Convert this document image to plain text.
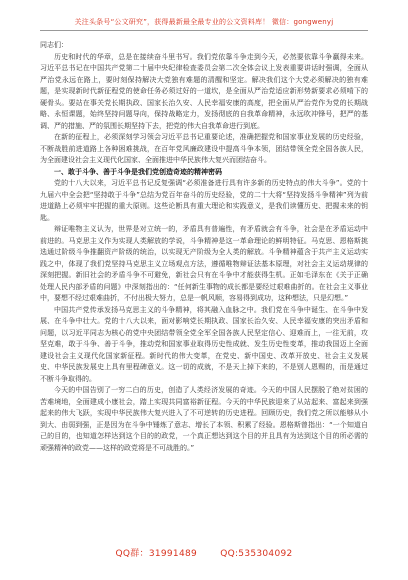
关注头条号“公文研究”，获得最新最全最专业的公文资料库！ 微信：gongwenyj

同志们：

历史和时代的华章，总是在接续奋斗里书写。我们党依靠斗争走到今天，必然要依靠斗争赢得未来。习近平总书记在中国共产党第二十届中央纪律检查委员会第二次全体会议上发表重要讲话时强调，全面从严治党永远在路上，要时刻保持解决大党独有难题的清醒和坚定。解决我们这个大党必须解决的独有难题，是实现新时代新征程党的使命任务必须过好的一道坎，是全面从严治党适应新形势新要求必须啃下的硬骨头。要站在事关党长期执政、国家长治久安、人民幸福安康的高度，把全面从严治党作为党的长期战略、永恒课题，始终坚持问题导向，保持战略定力，发扬彻底的自我革命精神，永远吹冲锋号，把严的基调、严的措施、严的氛围长期坚持下去，把党的伟大自我革命进行到底。

在新的征程上，必须深刻学习领会习近平总书记重要论述，准确把握党和国家事业发展的历史经验，不断战胜前进道路上各种困难挑战，在百年党风廉政建设中提高斗争本领，团结带领全党全国各族人民，为全面建设社会主义现代化国家、全面推进中华民族伟大复兴而团结奋斗。

一、敢于斗争、善于斗争是我们党创造奇迹的精神密码

党的十八大以来，习近平总书记反复强调“必须准备进行具有许多新的历史特点的伟大斗争”。党的十九届六中全会把“坚持敢于斗争”总结为党百年奋斗的历史经验，党的二十大将“坚持发扬斗争精神”列为前进道路上必须牢牢把握的重大原则。这些论断具有重大理论和实践意义，是我们读懂历史、把握未来的钥匙。

辩证唯物主义认为，世界是对立统一的，矛盾具有普遍性，有矛盾就会有斗争，社会是在矛盾运动中前进的。马克思主义作为实现人类解放的学说，斗争精神是这一革命理论的鲜明特征。马克思、恩格斯挑选通过阶级斗争推翻资产阶级的统治，以实现无产阶级为全人类的解放。斗争精神蕴含于共产主义运动实践之中，体现了我们党坚持马克思主义立场观点方法，遵循唯物辩证法基本原理，对社会主义运动规律的深刻把握。新旧社会的矛盾斗争不可避免，新社会只有在斗争中才能获得生机。正如毛泽东在《关于正确处理人民内部矛盾的问题》中深刻指出的：“任何新生事物的成长都是要经过艰难曲折的。在社会主义事业中，要想不经过艰难曲折，不付出极大努力，总是一帆风顺，容易得到成功，这种想法，只是幻想。”

中国共产党传承发扬马克思主义的斗争精神，将其融入血脉之中。我们党在斗争中诞生、在斗争中发展、在斗争中壮大。党的十八大以来，面对影响党长期执政、国家长治久安、人民幸福安康的突出矛盾和问题，以习近平同志为核心的党中央团结带领全党全军全国各族人民坚定信心、迎难而上，一往无前，攻坚克难，敢于斗争、善于斗争，推动党和国家事业取得历史性成就、发生历史性变革，推动我国迈上全面建设社会主义现代化国家新征程。新时代的伟大变革，在党史、新中国史、改革开放史、社会主义发展史、中华民族发展史上具有里程碑意义。这一切的成就，不是天上掉下来的，不是别人恩赐的，而是通过不断斗争取得的。

今天的中国告别了一穷二白的历史，创造了人类经济发展的奇迹。今天的中国人民摆脱了绝对贫困的苦难境地，全面建成小康社会，踏上实现共同富裕新征程。今天的中华民族迎来了从站起来、富起来到强起来的伟大飞跃，实现中华民族伟大复兴进入了不可逆转的历史进程。回顾历史，我们党之所以能够从小到大、由弱到强，正是因为在斗争中锤炼了意志、增长了本领、积累了经验。恩格斯曾指出：“一个知道自己的目的，也知道怎样达到这个目的的政党，一个真正想达到这个目的并且具有为达到这个目的所必需的顽强精神的政党——这样的政党将是不可战胜的。”

QQ群：31991489	QQ:535304092
